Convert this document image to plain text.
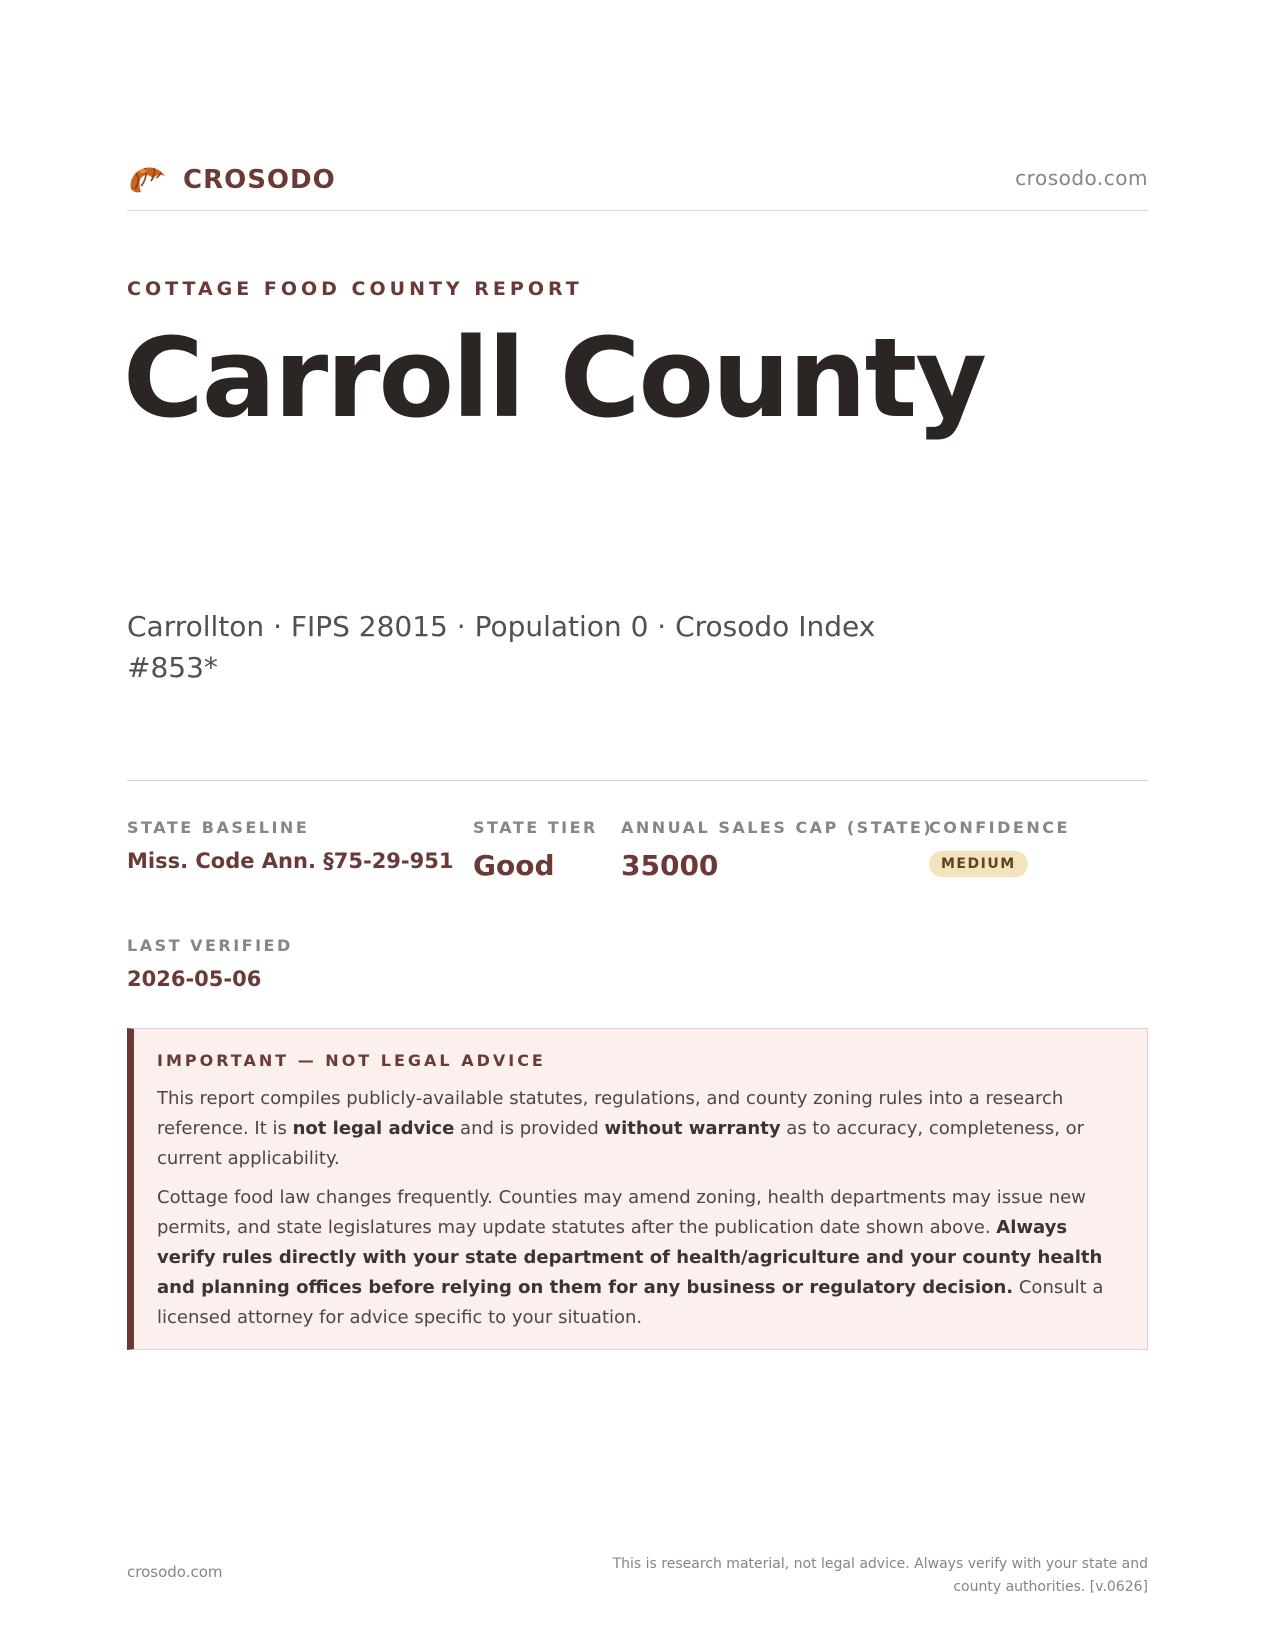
CROSODO	crosodo.com
COTTAGE FOOD COUNTY REPORT
Carroll County
Carrollton · FIPS 28015 · Population 0 · Crosodo Index #853*
STATE BASELINE
Miss. Code Ann. §75-29-951
STATE TIER
Good
ANNUAL SALES CAP (STATE)
35000
CONFIDENCE
MEDIUM
LAST VERIFIED
2026-05-06
IMPORTANT — NOT LEGAL ADVICE

This report compiles publicly-available statutes, regulations, and county zoning rules into a research reference. It is not legal advice and is provided without warranty as to accuracy, completeness, or current applicability.

Cottage food law changes frequently. Counties may amend zoning, health departments may issue new permits, and state legislatures may update statutes after the publication date shown above. Always verify rules directly with your state department of health/agriculture and your county health and planning offices before relying on them for any business or regulatory decision. Consult a licensed attorney for advice specific to your situation.

crosodo.com	This is research material, not legal advice. Always verify with your state and county authorities. [v.0626]
